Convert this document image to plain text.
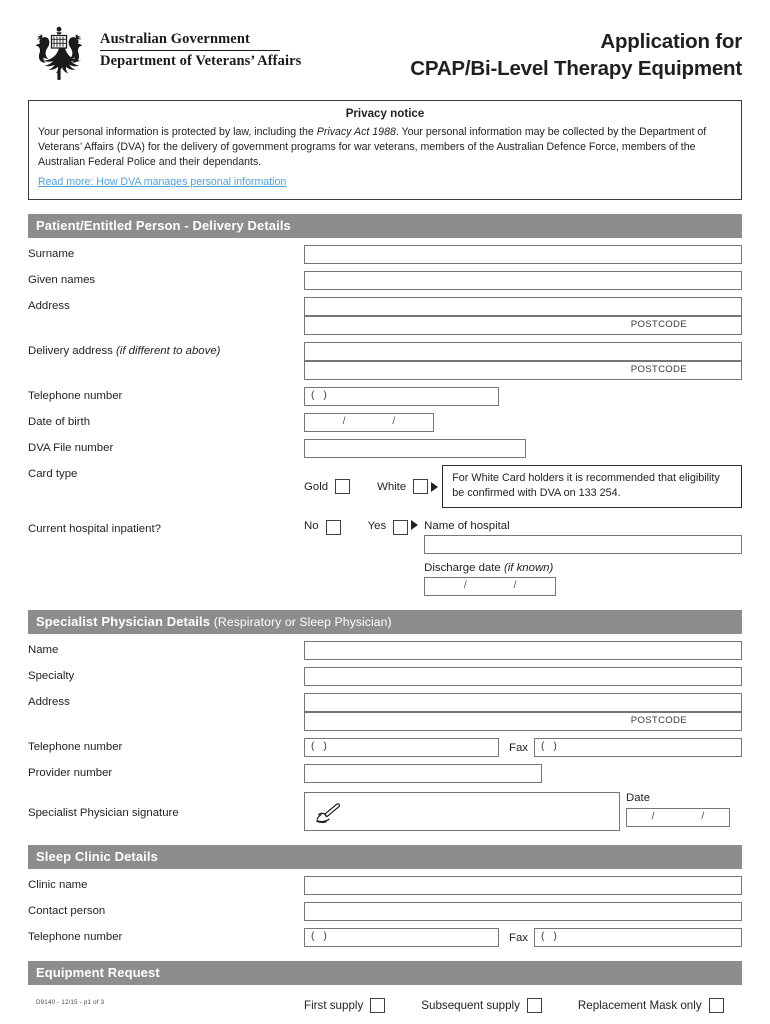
Australian Government
Department of Veterans’ Affairs
Application for
CPAP/Bi-Level Therapy Equipment
Privacy notice

Your personal information is protected by law, including the Privacy Act 1988. Your personal information may be collected by the Department of Veterans’ Affairs (DVA) for the delivery of government programs for war veterans, members of the Australian Defence Force, members of the Australian Federal Police and their dependants.

Read more: How DVA manages personal information
Patient/Entitled Person - Delivery Details
Surname
Given names
Address
POSTCODE
Delivery address (if different to above)
POSTCODE
Telephone number	( )
Date of birth	/ /
DVA File number
Card type
Gold	White
For White Card holders it is recommended that eligibility be confirmed with DVA on 133 254.
Current hospital inpatient?	No	Yes	Name of hospital
Discharge date (if known)
/ /
Specialist Physician Details (Respiratory or Sleep Physician)
Name
Specialty
Address
POSTCODE
Telephone number	( )	Fax ( )
Provider number
Specialist Physician signature
Date
/ /
Sleep Clinic Details
Clinic name
Contact person
Telephone number	( )	Fax ( )
Equipment Request
First supply	Subsequent supply	Replacement Mask only
D9140 - 12/15 - p1 of 3
